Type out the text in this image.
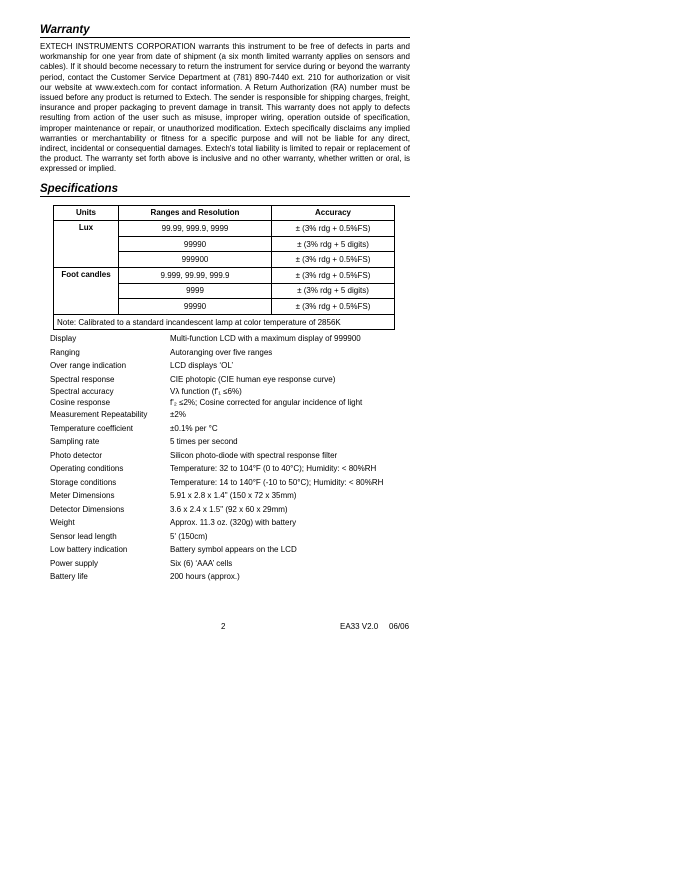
Warranty

EXTECH INSTRUMENTS CORPORATION warrants this instrument to be free of defects in parts and workmanship for one year from date of shipment (a six month limited warranty applies on sensors and cables). If it should become necessary to return the instrument for service during or beyond the warranty period, contact the Customer Service Department at (781) 890-7440 ext. 210 for authorization or visit our website at www.extech.com for contact information. A Return Authorization (RA) number must be issued before any product is returned to Extech. The sender is responsible for shipping charges, freight, insurance and proper packaging to prevent damage in transit. This warranty does not apply to defects resulting from action of the user such as misuse, improper wiring, operation outside of specification, improper maintenance or repair, or unauthorized modification. Extech specifically disclaims any implied warranties or merchantability or fitness for a specific purpose and will not be liable for any direct, indirect, incidental or consequential damages. Extech's total liability is limited to repair or replacement of the product. The warranty set forth above is inclusive and no other warranty, whether written or oral, is expressed or implied.

Specifications
Units	Ranges and Resolution	Accuracy
Lux	99.99, 999.9, 9999	± (3% rdg + 0.5%FS)
	99990	± (3% rdg + 5 digits)
	999900	± (3% rdg + 0.5%FS)
Foot candles	9.999, 99.99, 999.9	± (3% rdg + 0.5%FS)
	9999	± (3% rdg + 5 digits)
	99990	± (3% rdg + 0.5%FS)
Note: Calibrated to a standard incandescent lamp at color temperature of 2856K		
Display	Multi-function LCD with a maximum display of 999900
Ranging	Autoranging over five ranges
Over range indication	LCD displays ‘OL’
Spectral response	CIE photopic (CIE human eye response curve)
Spectral accuracy	Vλ function (f'₁ ≤6%)
Cosine response	f'₂ ≤2%; Cosine corrected for angular incidence of light
Measurement Repeatability	±2%
Temperature coefficient	±0.1% per °C
Sampling rate	5 times per second
Photo detector	Silicon photo-diode with spectral response filter
Operating conditions	Temperature: 32 to 104°F (0 to 40°C); Humidity: < 80%RH
Storage conditions	Temperature: 14 to 140°F (-10 to 50°C); Humidity: < 80%RH
Meter Dimensions	5.91 x 2.8 x 1.4" (150 x 72 x 35mm)
Detector Dimensions	3.6 x 2.4 x 1.5" (92 x 60 x 29mm)
Weight	Approx. 11.3 oz. (320g) with battery
Sensor lead length	5' (150cm)
Low battery indication	Battery symbol appears on the LCD
Power supply	Six (6) ‘AAA’ cells
Battery life	200 hours (approx.)
2	EA33 V2.0 06/06
